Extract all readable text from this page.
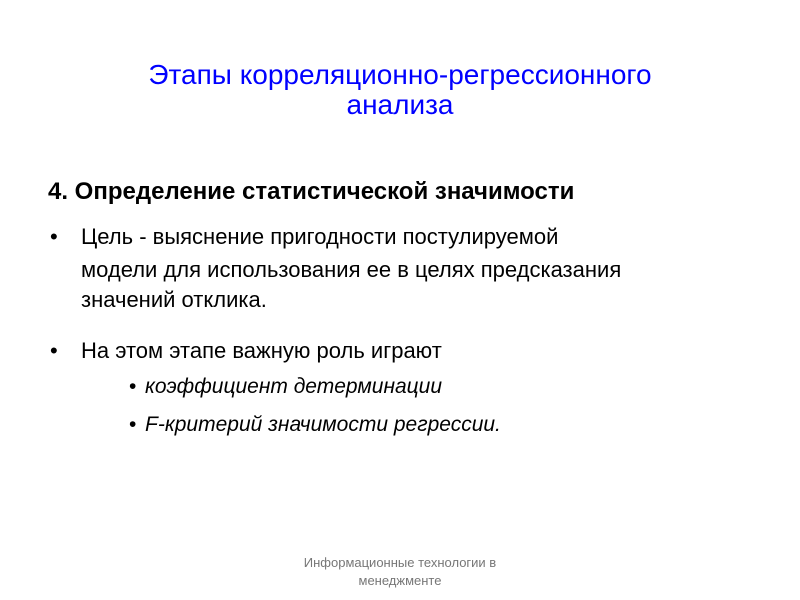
Этапы корреляционно-регрессионного
анализа
4. Определение статистической значимости
• Цель - выяснение пригодности постулируемой
модели для использования ее в целях предсказания
значений отклика.
• На этом этапе важную роль играют
• коэффициент детерминации
• F-критерий значимости регрессии.
Информационные технологии в
менеджменте
